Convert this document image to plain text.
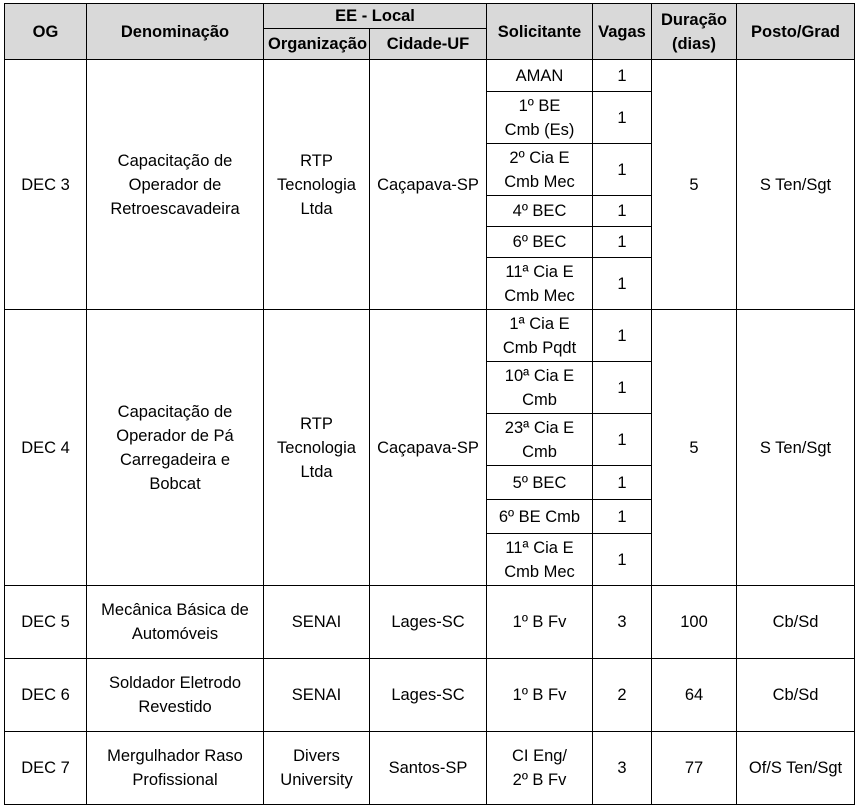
OG	Denominação	EE - Local		Solicitante	Vagas	Duração
(dias)	Posto/Grad
		Organização	Cidade-UF				
DEC 3	Capacitação de
Operador de
Retroescavadeira	RTP
Tecnologia
Ltda	Caçapava-SP	AMAN	1	5	S Ten/Sgt
				1º BE
Cmb (Es)	1		
				2º Cia E
Cmb Mec	1		
				4º BEC	1		
				6º BEC	1		
				11ª Cia E
Cmb Mec	1		
DEC 4	Capacitação de
Operador de Pá
Carregadeira e
Bobcat	RTP
Tecnologia
Ltda	Caçapava-SP	1ª Cia E
Cmb Pqdt	1	5	S Ten/Sgt
				10ª Cia E
Cmb	1		
				23ª Cia E
Cmb	1		
				5º BEC	1		
				6º BE Cmb	1		
				11ª Cia E
Cmb Mec	1		
DEC 5	Mecânica Básica de
Automóveis	SENAI	Lages-SC	1º B Fv	3	100	Cb/Sd
DEC 6	Soldador Eletrodo
Revestido	SENAI	Lages-SC	1º B Fv	2	64	Cb/Sd
DEC 7	Mergulhador Raso
Profissional	Divers
University	Santos-SP	CI Eng/
2º B Fv	3	77	Of/S Ten/Sgt
